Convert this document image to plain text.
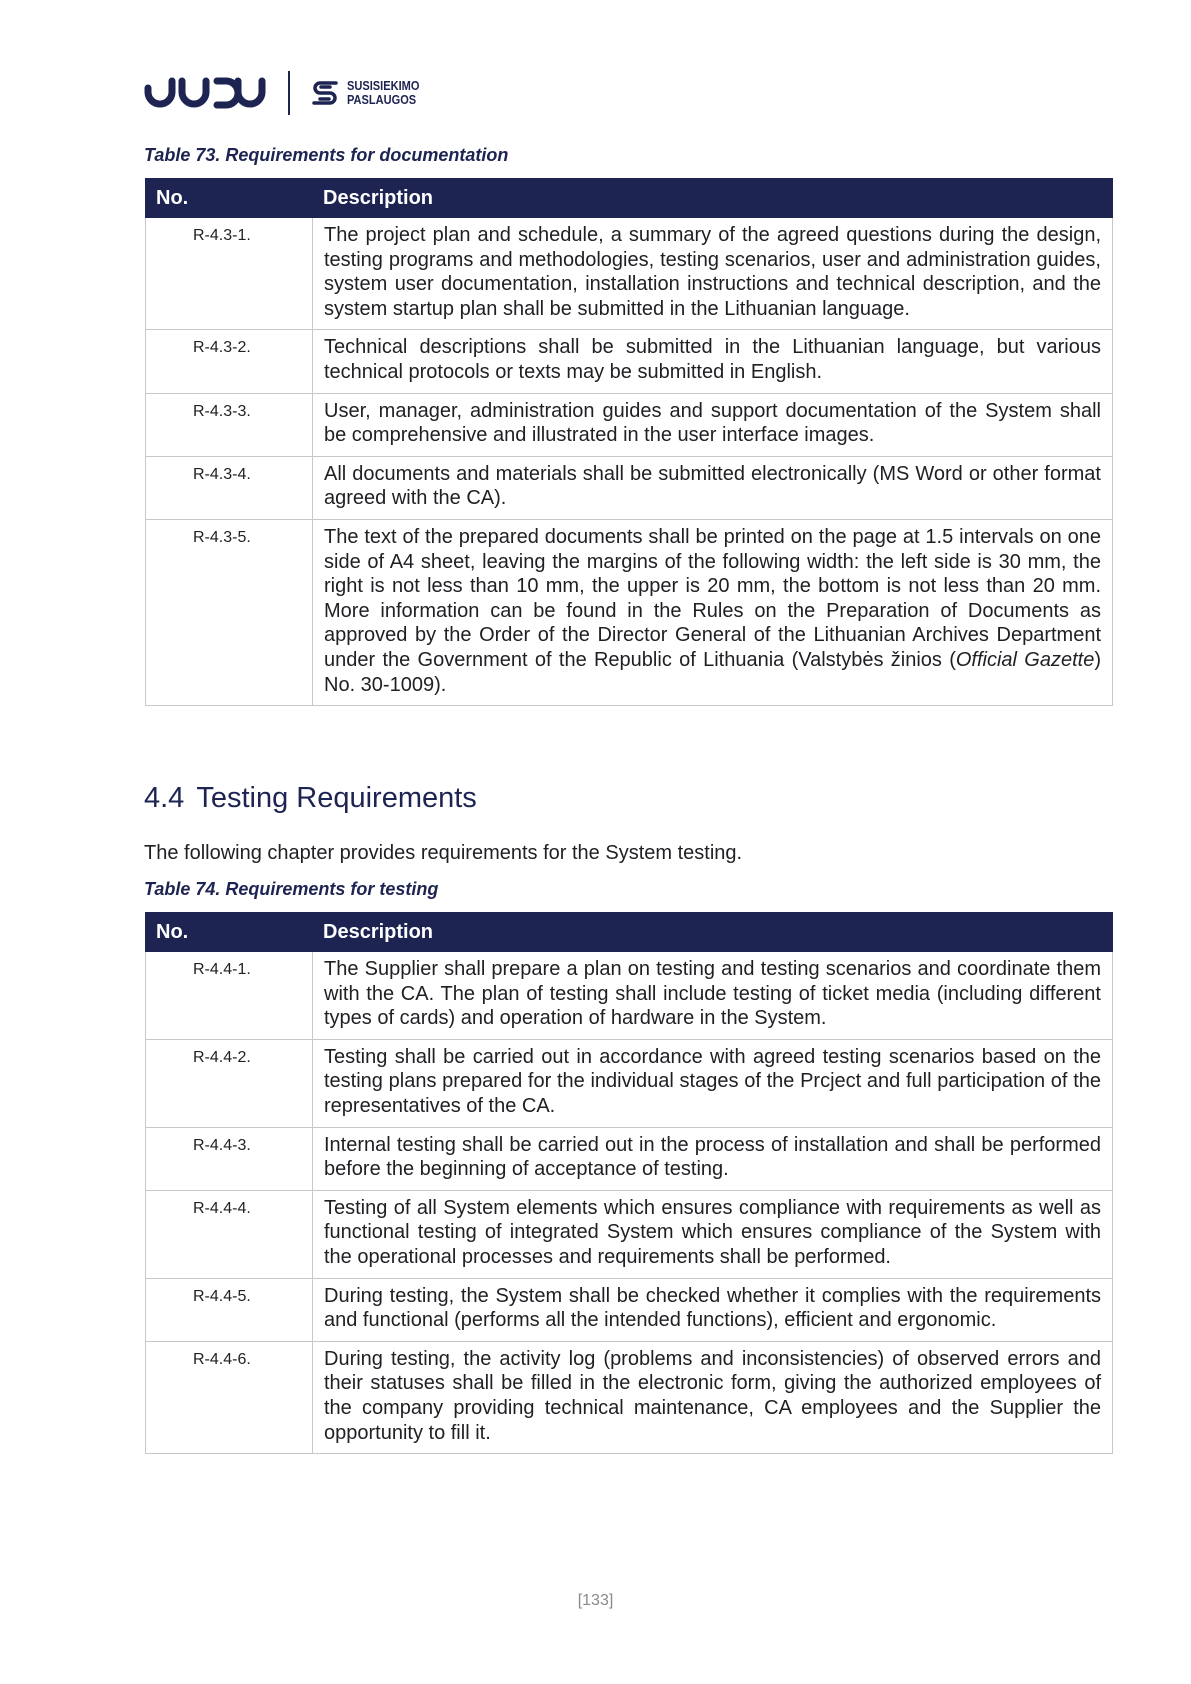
SUSISIEKIMO
PASLAUGOS
Table 73. Requirements for documentation
No.	Description
R-4.3-1.	The project plan and schedule, a summary of the agreed questions during the design, testing programs and methodologies, testing scenarios, user and administration guides, system user documentation, installation instructions and technical description, and the system startup plan shall be submitted in the Lithuanian language.
R-4.3-2.	Technical descriptions shall be submitted in the Lithuanian language, but various technical protocols or texts may be submitted in English.
R-4.3-3.	User, manager, administration guides and support documentation of the System shall be comprehensive and illustrated in the user interface images.
R-4.3-4.	All documents and materials shall be submitted electronically (MS Word or other format agreed with the CA).
R-4.3-5.	The text of the prepared documents shall be printed on the page at 1.5 intervals on one side of A4 sheet, leaving the margins of the following width: the left side is 30 mm, the right is not less than 10 mm, the upper is 20 mm, the bottom is not less than 20 mm. More information can be found in the Rules on the Preparation of Documents as approved by the Order of the Director General of the Lithuanian Archives Department under the Government of the Republic of Lithuania (Valstybės žinios (Official Gazette) No. 30-1009).
4.4 Testing Requirements
The following chapter provides requirements for the System testing.
Table 74. Requirements for testing
No.	Description
R-4.4-1.	The Supplier shall prepare a plan on testing and testing scenarios and coordinate them with the CA. The plan of testing shall include testing of ticket media (including different types of cards) and operation of hardware in the System.
R-4.4-2.	Testing shall be carried out in accordance with agreed testing scenarios based on the testing plans prepared for the individual stages of the Prcject and full participation of the representatives of the CA.
R-4.4-3.	Internal testing shall be carried out in the process of installation and shall be performed before the beginning of acceptance of testing.
R-4.4-4.	Testing of all System elements which ensures compliance with requirements as well as functional testing of integrated System which ensures compliance of the System with the operational processes and requirements shall be performed.
R-4.4-5.	During testing, the System shall be checked whether it complies with the requirements and functional (performs all the intended functions), efficient and ergonomic.
R-4.4-6.	During testing, the activity log (problems and inconsistencies) of observed errors and their statuses shall be filled in the electronic form, giving the authorized employees of the company providing technical maintenance, CA employees and the Supplier the opportunity to fill it.
[133]
